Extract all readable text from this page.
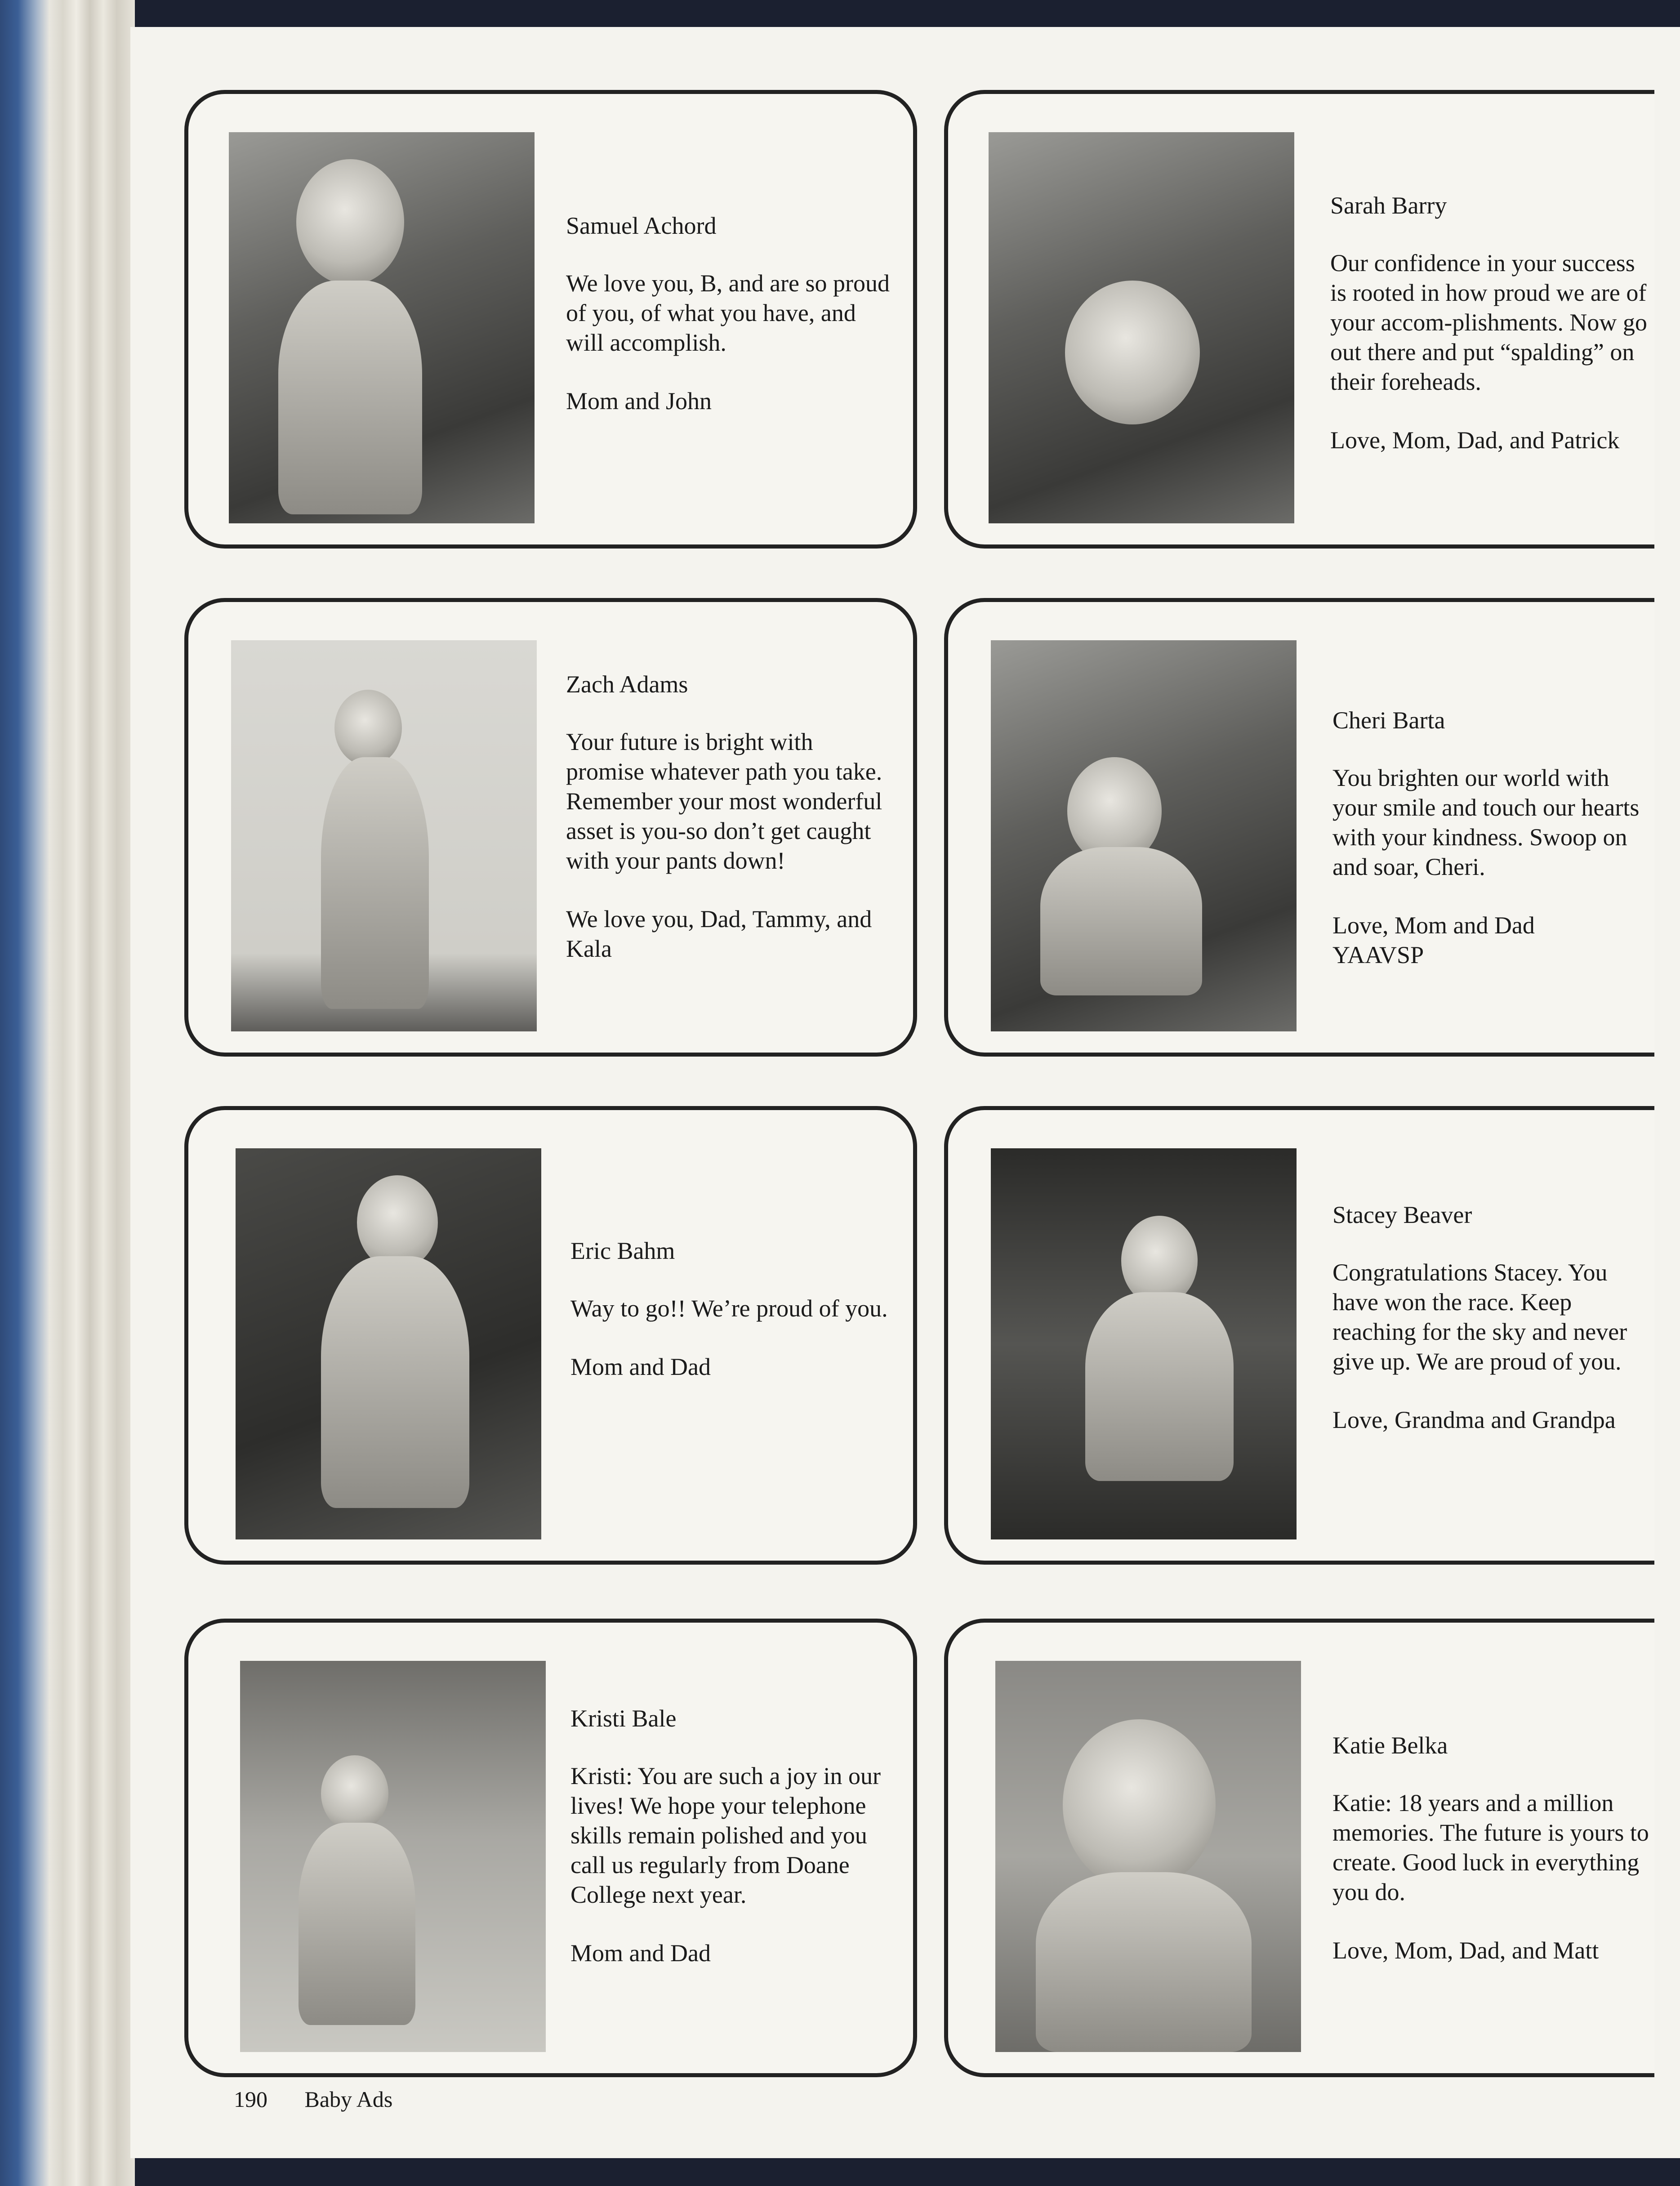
Samuel Achord

We love you, B, and are so proud of you, of what you have, and will accomplish.

Mom and John

Sarah Barry

Our confidence in your success is rooted in how proud we are of your accom-plishments. Now go out there and put “spalding” on their foreheads.

Love, Mom, Dad, and Patrick

Zach Adams

Your future is bright with promise whatever path you take. Remember your most wonderful asset is you-so don’t get caught with your pants down!

We love you, Dad, Tammy, and Kala

Cheri Barta

You brighten our world with your smile and touch our hearts with your kindness. Swoop on and soar, Cheri.

Love, Mom and Dad

YAAVSP

Eric Bahm

Way to go!! We’re proud of you.

Mom and Dad

Stacey Beaver

Congratulations Stacey. You have won the race. Keep reaching for the sky and never give up. We are proud of you.

Love, Grandma and Grandpa

Kristi Bale

Kristi: You are such a joy in our lives! We hope your telephone skills remain polished and you call us regularly from Doane College next year.

Mom and Dad

Katie Belka

Katie: 18 years and a million memories. The future is yours to create. Good luck in everything you do.

Love, Mom, Dad, and Matt

190 Baby Ads
